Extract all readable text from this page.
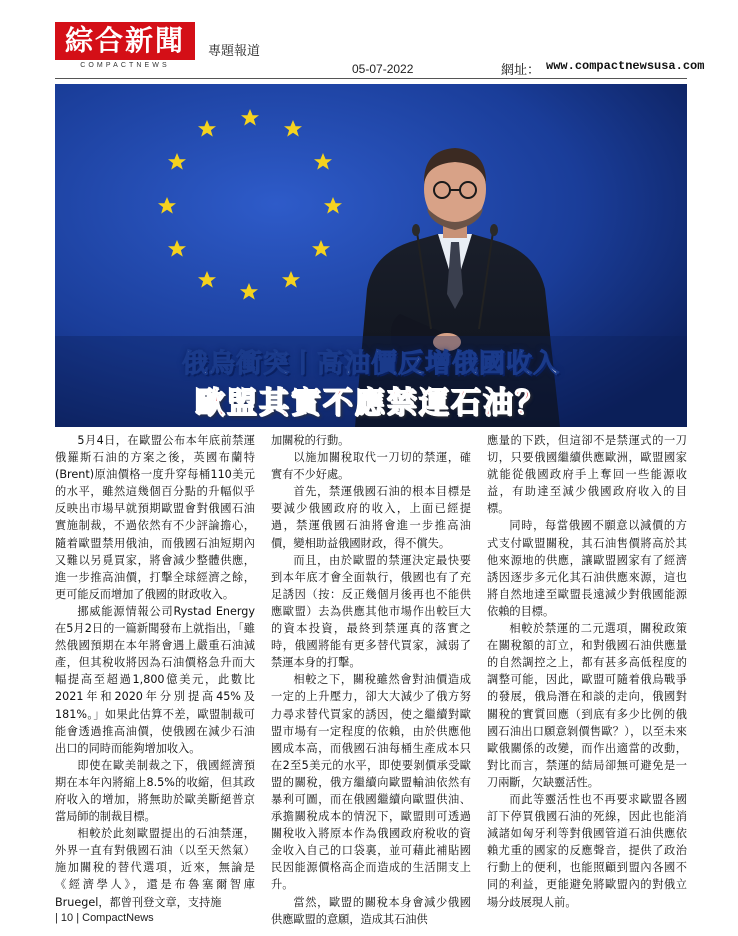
綜合新聞
COMPACTNEWS
專題報道
05-07-2022	網址： www.compactnewsusa.com
俄烏衝突丨高油價反增俄國收入
歐盟其實不應禁運石油？

5月4日，在歐盟公布本年底前禁運俄羅斯石油的方案之後，英國布蘭特(Brent)原油價格一度升穿每桶110美元的水平，雖然這幾個百分點的升幅似乎反映出市場早就預期歐盟會對俄國石油實施制裁，不過依然有不少評論擔心，隨着歐盟禁用俄油，而俄國石油短期內又難以另覓買家，將會減少整體供應，進一步推高油價，打擊全球經濟之餘，更可能反而增加了俄國的財政收入。

挪威能源情報公司Rystad Energy在5月2日的一篇新聞發布上就指出，「雖然俄國預期在本年將會遇上嚴重石油減產，但其稅收將因為石油價格急升而大幅提高至超過1,800億美元，此數比2021年和2020年分別提高45%及181%。」如果此估算不差，歐盟制裁可能會透過推高油價，使俄國在減少石油出口的同時而能夠增加收入。

即使在歐美制裁之下，俄國經濟預期在本年內將縮上8.5%的收縮，但其政府收入的增加，將無助於歐美斷絕普京當局師的制裁目標。

相較於此刻歐盟提出的石油禁運，外界一直有對俄國石油（以至天然氣）施加關稅的替代選項，近來，無論是《經濟學人》，還是布魯塞爾智庫Bruegel，都曾刊登文章，支持施

加關稅的行動。

以施加關稅取代一刀切的禁運，確實有不少好處。

首先，禁運俄國石油的根本目標是要減少俄國政府的收入，上面已經提過，禁運俄國石油將會進一步推高油價，變相助益俄國財政，得不償失。

而且，由於歐盟的禁運決定最快要到本年底才會全面執行，俄國也有了充足誘因（按：反正幾個月後再也不能供應歐盟）去為供應其他市場作出較巨大的資本投資，最終到禁運真的落實之時，俄國將能有更多替代買家，減弱了禁運本身的打擊。

相較之下，關稅雖然會對油價造成一定的上升壓力，卻大大減少了俄方努力尋求替代買家的誘因，使之繼續對歐盟市場有一定程度的依賴，由於供應他國成本高，而俄國石油每桶生產成本只在2至5美元的水平，即使要剝價承受歐盟的關稅，俄方繼續向歐盟輸油依然有暴利可圖，而在俄國繼續向歐盟供油、承擔關稅成本的情況下，歐盟則可透過關稅收入將原本作為俄國政府稅收的資金收入自己的口袋裏，並可藉此補貼國民因能源價格高企而造成的生活開支上升。

當然，歐盟的關稅本身會減少俄國供應歐盟的意願，造成其石油供

應量的下跌，但這卻不是禁運式的一刀切，只要俄國繼續供應歐洲，歐盟國家就能從俄國政府手上奪回一些能源收益，有助達至減少俄國政府收入的目標。

同時，每當俄國不願意以減價的方式支付歐盟關稅，其石油售價將高於其他來源地的供應，讓歐盟國家有了經濟誘因逐步多元化其石油供應來源，這也將自然地達至歐盟長遠減少對俄國能源依賴的目標。

相較於禁運的二元選項，關稅政策在關稅額的訂立，和對俄國石油供應量的自然調控之上，都有甚多高低程度的調整可能，因此，歐盟可隨着俄烏戰爭的發展，俄烏潛在和談的走向，俄國對關稅的實質回應（到底有多少比例的俄國石油出口願意剝價售歐？），以至未來歐俄關係的改變，而作出適當的改動，對比而言，禁運的結局卻無可避免是一刀兩斷，欠缺靈活性。

而此等靈活性也不再要求歐盟各國訂下停買俄國石油的死線，因此也能消減諸如匈牙利等對俄國管道石油供應依賴尤重的國家的反應聲音，提供了政治行動上的便利，也能照顧到盟內各國不同的利益，更能避免將歐盟內的對俄立場分歧展現人前。

| 10 | CompactNews
